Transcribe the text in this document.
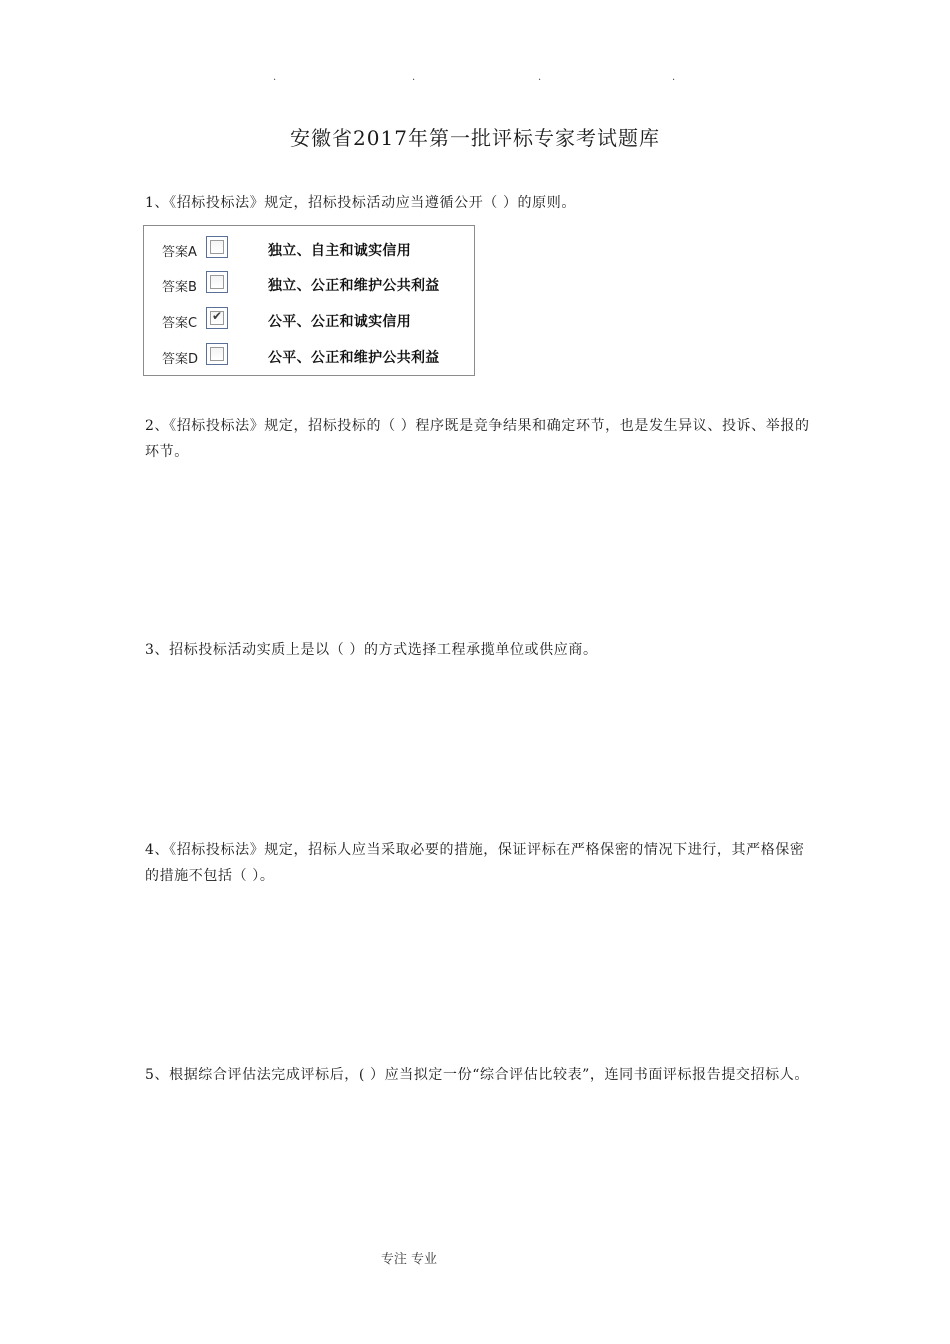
.	.	.	.
安徽省2017年第一批评标专家考试题库
1、《招标投标法》规定，招标投标活动应当遵循公开（ ）的原则。
答案A	独立、自主和诚实信用
答案B	独立、公正和维护公共利益
答案C ✔	公平、公正和诚实信用
答案D	公平、公正和维护公共利益
2、《招标投标法》规定，招标投标的（ ）程序既是竞争结果和确定环节，也是发生异议、投诉、举报的环节。
3、招标投标活动实质上是以（ ）的方式选择工程承揽单位或供应商。
4、《招标投标法》规定，招标人应当采取必要的措施，保证评标在严格保密的情况下进行，其严格保密的措施不包括（ ）。
5、根据综合评估法完成评标后，( ）应当拟定一份“综合评估比较表”，连同书面评标报告提交招标人。
专注 专业
